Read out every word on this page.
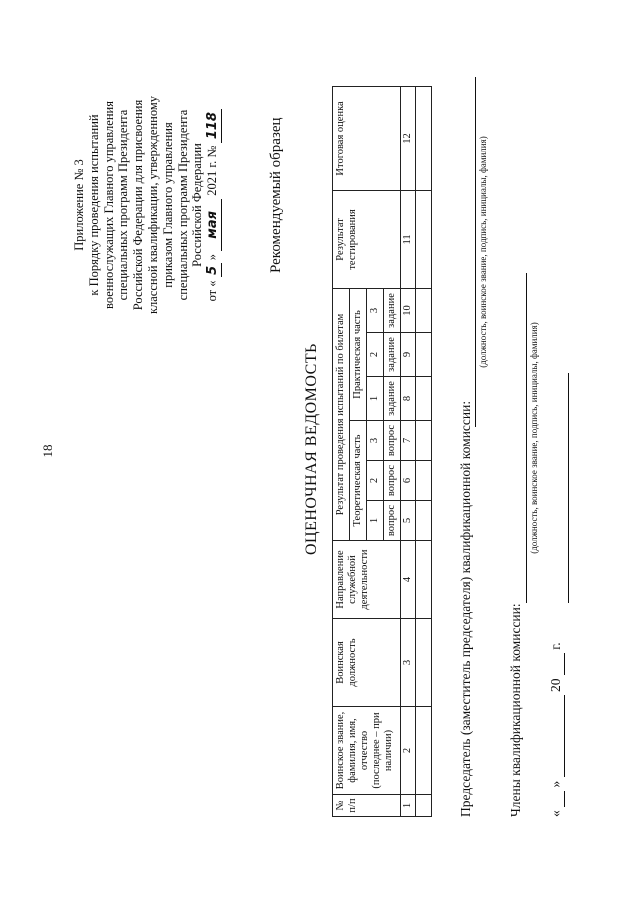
18
Приложение № 3 к Порядку проведения испытаний военнослужащих Главного управления специальных программ Президента Российской Федерации для присвоения классной квалификации, утвержденному приказом Главного управления специальных программ Президента Российской Федерации
от « 5 » мая 2021 г. № 118	Рекомендуемый образец
ОЦЕНОЧНАЯ ВЕДОМОСТЬ
№ п/п	Воинское звание, фамилия, имя, отчество (последнее – при наличии)	Воинская должность	Направление служебной деятельности	Результат проведения испытаний по билетам						Результат тестирования	Итоговая оценка
				Теоретическая часть			Практическая часть				
				1	2	3	1	2	3		
				вопрос	вопрос	вопрос	задание	задание	задание		
1	2	3	4	5	6	7	8	9	10	11	12

Председатель (заместитель председателя) квалификационной комиссии:
(должность, воинское звание, подпись, инициалы, фамилия)
Члены квалификационной комиссии:
(должность, воинское звание, подпись, инициалы, фамилия)
«   »   20   г.
